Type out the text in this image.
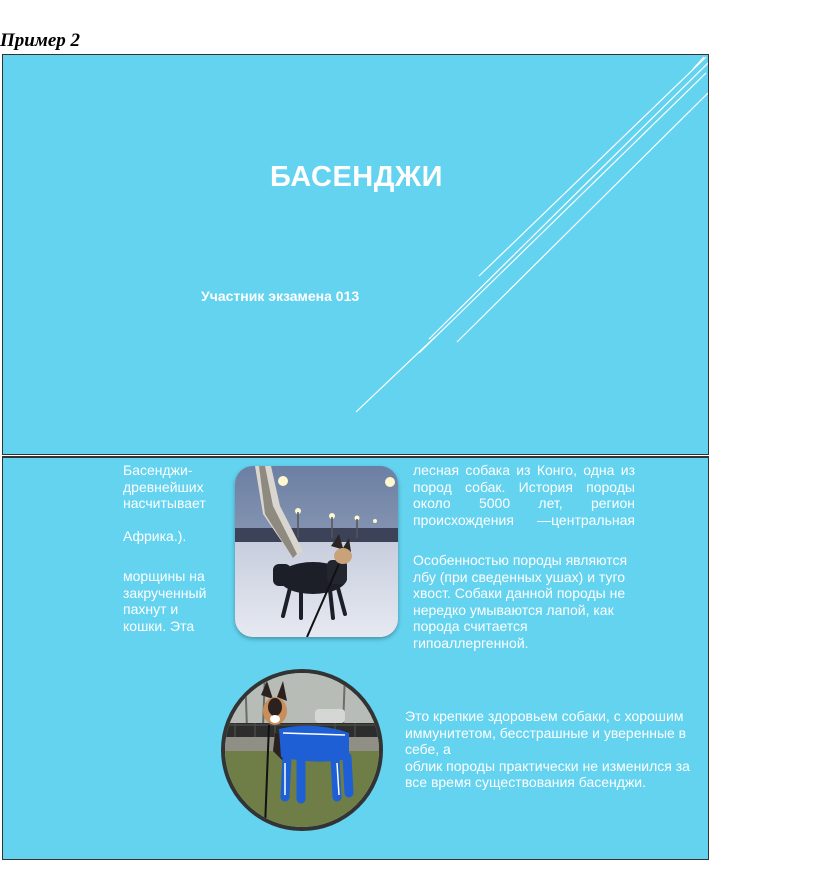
Пример 2
БАСЕНДЖИ
Участник экзамена 013
Басенджи-
древнейших
насчитывает
Африка.).
морщины на
закрученный
пахнут и
кошки. Эта
лесная собака из Конго, одна из
пород собак. История породы
около 5000 лет, регион
происхождения —центральная
Особенностью породы являются
лбу (при сведенных ушах) и туго
хвост. Собаки данной породы не
нередко умываются лапой, как
порода считается
гипоаллергенной.
Это крепкие здоровьем собаки, с хорошим
иммунитетом, бесстрашные и уверенные в
себе, а
облик породы практически не изменился за
все время существования басенджи.
